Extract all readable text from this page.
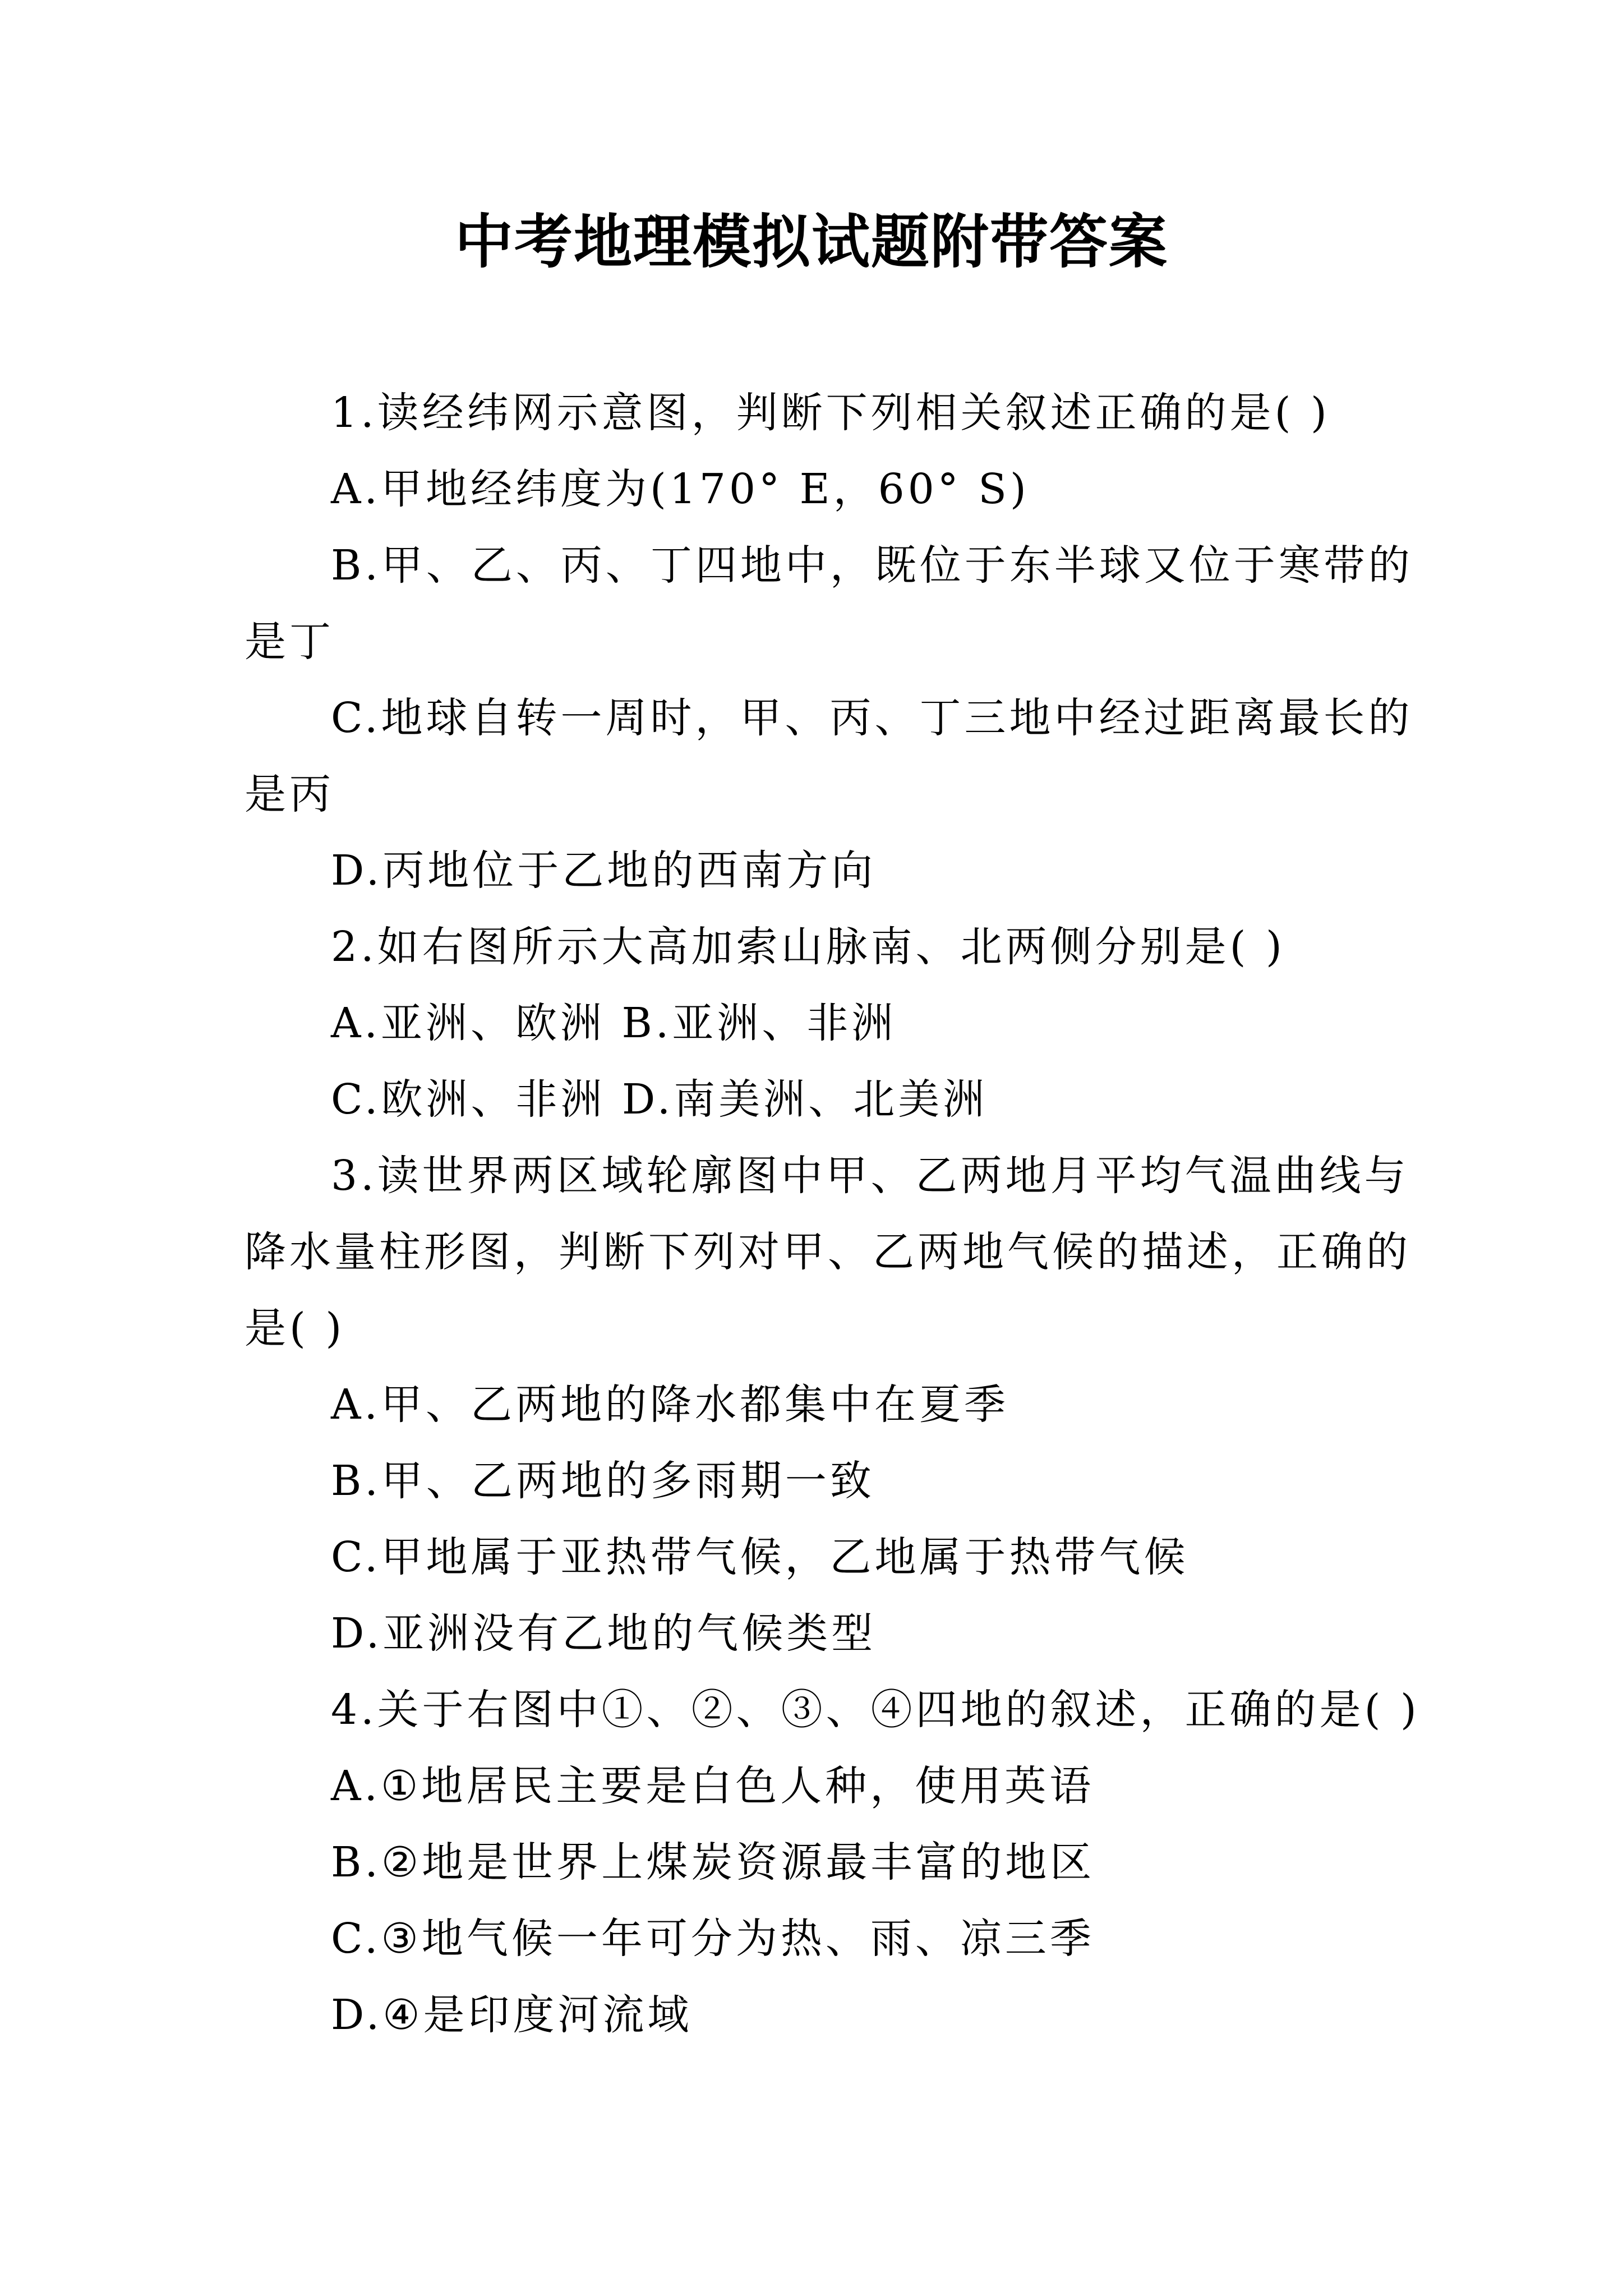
中考地理模拟试题附带答案

1.读经纬网示意图，判断下列相关叙述正确的是( )

A.甲地经纬度为(170° E，60° S)

B.甲、乙、丙、丁四地中，既位于东半球又位于寒带的

是丁

C.地球自转一周时，甲、丙、丁三地中经过距离最长的

是丙

D.丙地位于乙地的西南方向

2.如右图所示大高加索山脉南、北两侧分别是( )

A.亚洲、欧洲 B.亚洲、非洲

C.欧洲、非洲 D.南美洲、北美洲

3.读世界两区域轮廓图中甲、乙两地月平均气温曲线与

降水量柱形图，判断下列对甲、乙两地气候的描述，正确的

是( )

A.甲、乙两地的降水都集中在夏季

B.甲、乙两地的多雨期一致

C.甲地属于亚热带气候，乙地属于热带气候

D.亚洲没有乙地的气候类型

4.关于右图中①、②、③、④四地的叙述，正确的是( )

A.①地居民主要是白色人种，使用英语

B.②地是世界上煤炭资源最丰富的地区

C.③地气候一年可分为热、雨、凉三季

D.④是印度河流域
